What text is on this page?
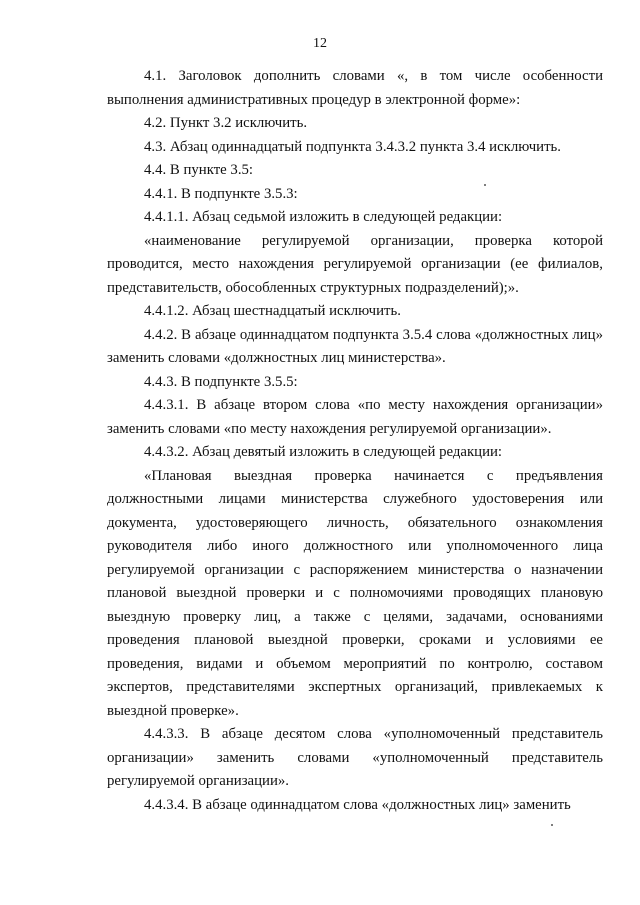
12

4.1. Заголовок дополнить словами «, в том числе особенности выполнения административных процедур в электронной форме»:

4.2. Пункт 3.2 исключить.

4.3. Абзац одиннадцатый подпункта 3.4.3.2 пункта 3.4 исключить.

4.4. В пункте 3.5:

4.4.1. В подпункте 3.5.3:

4.4.1.1. Абзац седьмой изложить в следующей редакции:

«наименование регулируемой организации, проверка которой проводится, место нахождения регулируемой организации (ее филиалов, представительств, обособленных структурных подразделений);».

4.4.1.2. Абзац шестнадцатый исключить.

4.4.2. В абзаце одиннадцатом подпункта 3.5.4 слова «должностных лиц» заменить словами «должностных лиц министерства».

4.4.3. В подпункте 3.5.5:

4.4.3.1. В абзаце втором слова «по месту нахождения организации» заменить словами «по месту нахождения регулируемой организации».

4.4.3.2. Абзац девятый изложить в следующей редакции:

«Плановая выездная проверка начинается с предъявления должностными лицами министерства служебного удостоверения или документа, удостоверяющего личность, обязательного ознакомления руководителя либо иного должностного или уполномоченного лица регулируемой организации с распоряжением министерства о назначении плановой выездной проверки и с полномочиями проводящих плановую выездную проверку лиц, а также с целями, задачами, основаниями проведения плановой выездной проверки, сроками и условиями ее проведения, видами и объемом мероприятий по контролю, составом экспертов, представителями экспертных организаций, привлекаемых к выездной проверке».

4.4.3.3. В абзаце десятом слова «уполномоченный представитель организации» заменить словами «уполномоченный представитель регулируемой организации».

4.4.3.4. В абзаце одиннадцатом слова «должностных лиц» заменить
